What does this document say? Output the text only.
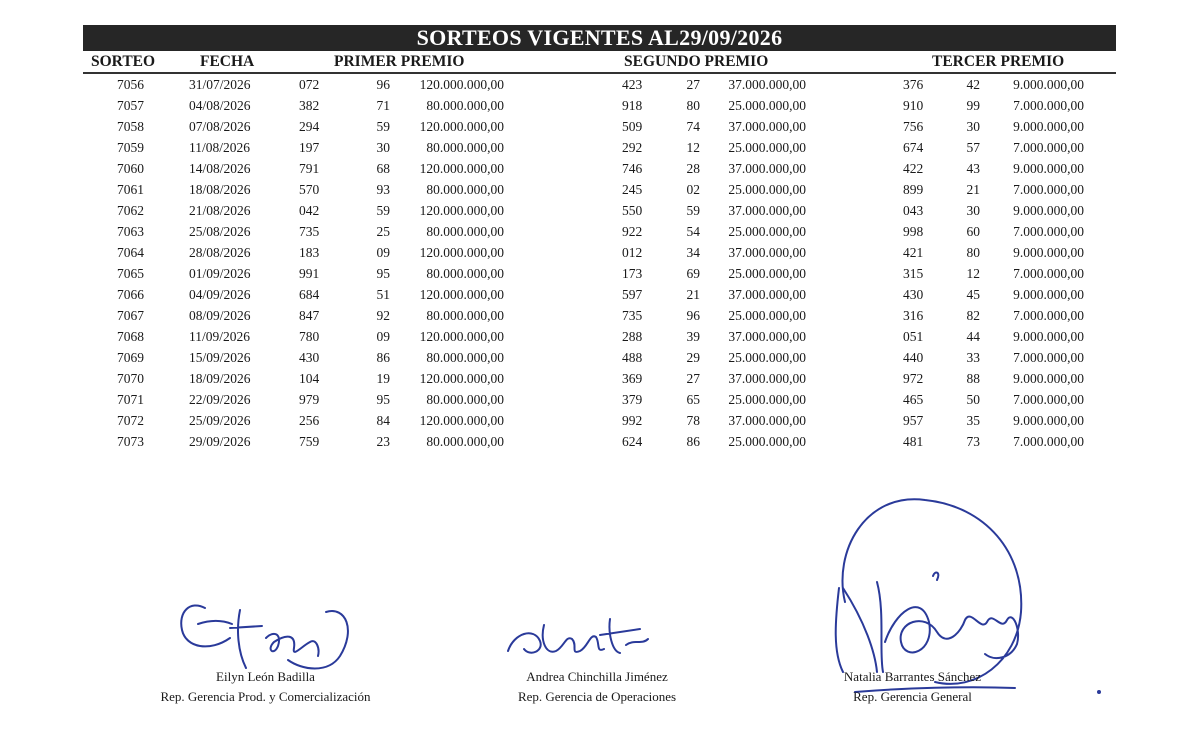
SORTEOS VIGENTES AL29/09/2026
SORTEO	FECHA	PRIMER PREMIO	SEGUNDO PREMIO	TERCER PREMIO
7056	31/07/2026	072	96	120.000.000,00	423	27	37.000.000,00	376	42	9.000.000,00
7057	04/08/2026	382	71	80.000.000,00	918	80	25.000.000,00	910	99	7.000.000,00
7058	07/08/2026	294	59	120.000.000,00	509	74	37.000.000,00	756	30	9.000.000,00
7059	11/08/2026	197	30	80.000.000,00	292	12	25.000.000,00	674	57	7.000.000,00
7060	14/08/2026	791	68	120.000.000,00	746	28	37.000.000,00	422	43	9.000.000,00
7061	18/08/2026	570	93	80.000.000,00	245	02	25.000.000,00	899	21	7.000.000,00
7062	21/08/2026	042	59	120.000.000,00	550	59	37.000.000,00	043	30	9.000.000,00
7063	25/08/2026	735	25	80.000.000,00	922	54	25.000.000,00	998	60	7.000.000,00
7064	28/08/2026	183	09	120.000.000,00	012	34	37.000.000,00	421	80	9.000.000,00
7065	01/09/2026	991	95	80.000.000,00	173	69	25.000.000,00	315	12	7.000.000,00
7066	04/09/2026	684	51	120.000.000,00	597	21	37.000.000,00	430	45	9.000.000,00
7067	08/09/2026	847	92	80.000.000,00	735	96	25.000.000,00	316	82	7.000.000,00
7068	11/09/2026	780	09	120.000.000,00	288	39	37.000.000,00	051	44	9.000.000,00
7069	15/09/2026	430	86	80.000.000,00	488	29	25.000.000,00	440	33	7.000.000,00
7070	18/09/2026	104	19	120.000.000,00	369	27	37.000.000,00	972	88	9.000.000,00
7071	22/09/2026	979	95	80.000.000,00	379	65	25.000.000,00	465	50	7.000.000,00
7072	25/09/2026	256	84	120.000.000,00	992	78	37.000.000,00	957	35	9.000.000,00
7073	29/09/2026	759	23	80.000.000,00	624	86	25.000.000,00	481	73	7.000.000,00
Eilyn León Badilla
Rep. Gerencia Prod. y Comercialización
Andrea Chinchilla Jiménez
Rep. Gerencia de Operaciones
Natalia Barrantes Sánchez
Rep. Gerencia General
